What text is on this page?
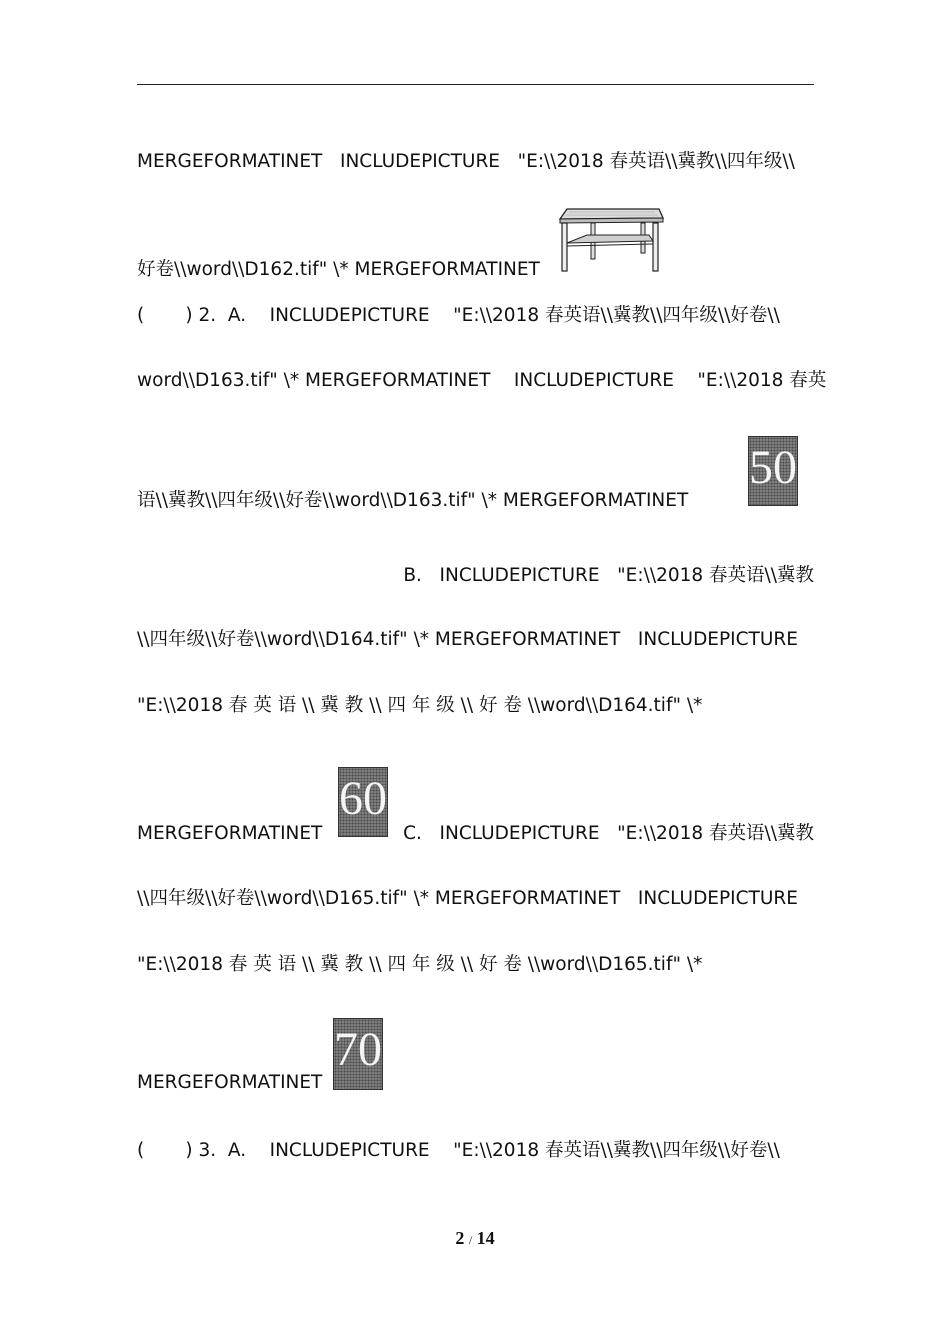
MERGEFORMATINET   INCLUDEPICTURE   "E:\\2018 春英语\\冀教\\四年级\\
好卷\\word\\D162.tif" \* MERGEFORMATINET
(       ) 2.  A.    INCLUDEPICTURE    "E:\\2018 春英语\\冀教\\四年级\\好卷\\
word\\D163.tif" \* MERGEFORMATINET    INCLUDEPICTURE    "E:\\2018 春英
语\\冀教\\四年级\\好卷\\word\\D163.tif" \* MERGEFORMATINET
50
B.   INCLUDEPICTURE   "E:\\2018 春英语\\冀教
\\四年级\\好卷\\word\\D164.tif" \* MERGEFORMATINET   INCLUDEPICTURE
"E:\\2018 春 英 语 \\ 冀 教 \\ 四 年 级 \\ 好 卷 \\word\\D164.tif" \*
MERGEFORMATINET
60
C.   INCLUDEPICTURE   "E:\\2018 春英语\\冀教
\\四年级\\好卷\\word\\D165.tif" \* MERGEFORMATINET   INCLUDEPICTURE
"E:\\2018 春 英 语 \\ 冀 教 \\ 四 年 级 \\ 好 卷 \\word\\D165.tif" \*
MERGEFORMATINET
70
(       ) 3.  A.    INCLUDEPICTURE    "E:\\2018 春英语\\冀教\\四年级\\好卷\\
2 / 14
